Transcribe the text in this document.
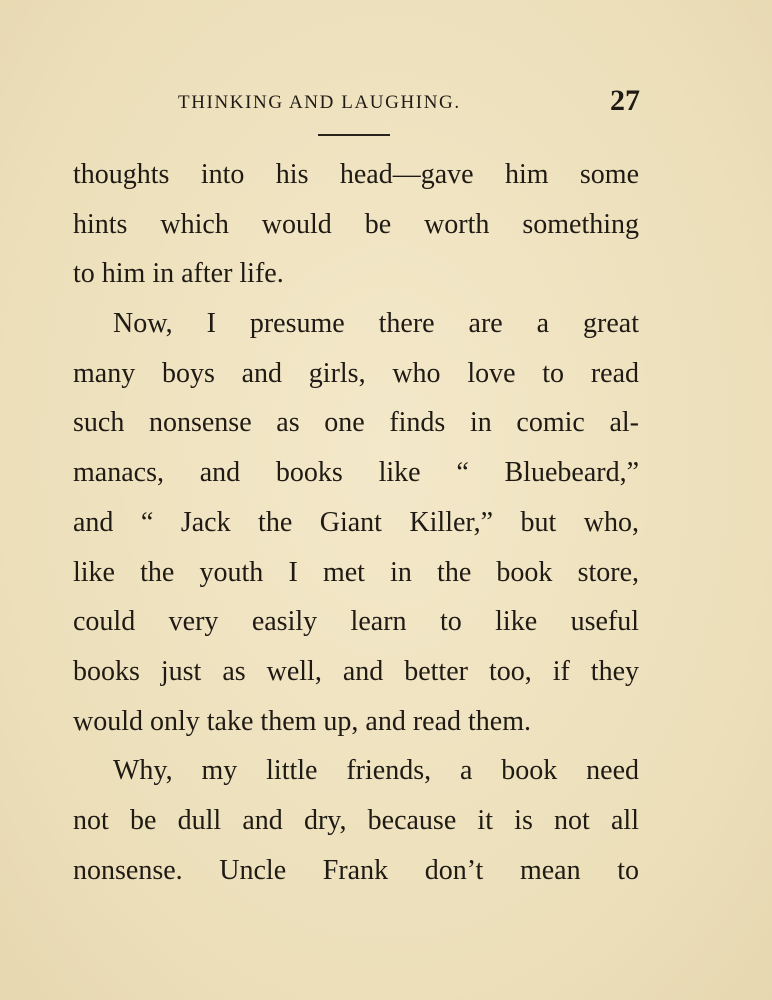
THINKING AND LAUGHING.	27
thoughts into his head—gave him some
hints which would be worth something
to him in after life.
Now, I presume there are a great
many boys and girls, who love to read
such nonsense as one finds in comic al-
manacs, and books like “ Bluebeard,”
and “ Jack the Giant Killer,” but who,
like the youth I met in the book store,
could very easily learn to like useful
books just as well, and better too, if they
would only take them up, and read them.
Why, my little friends, a book need
not be dull and dry, because it is not all
nonsense. Uncle Frank don’t mean to
